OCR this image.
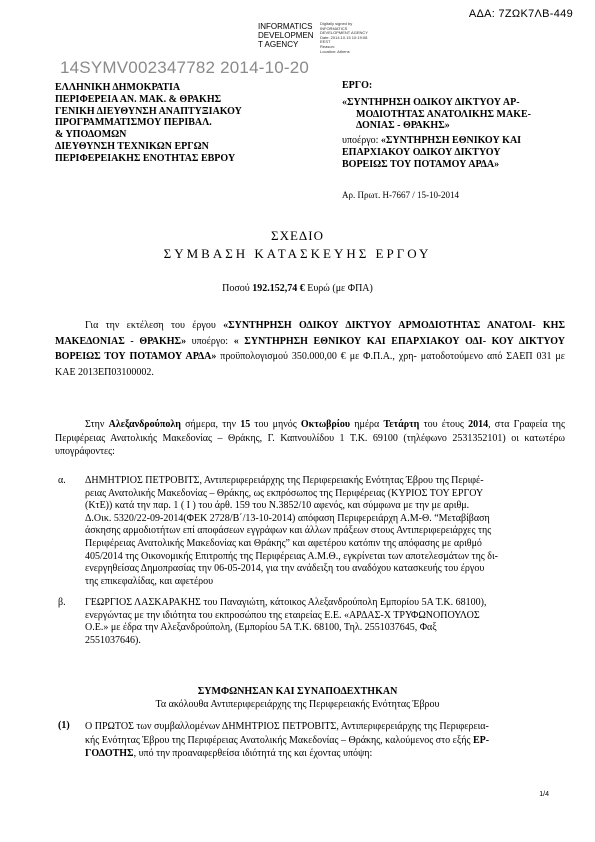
ΑΔΑ: 7ΖΩΚ7ΛΒ-449
INFORMATICS
DEVELOPMEN
T AGENCY
Digitally signed by
INFORMATICS
DEVELOPMENT AGENCY
Date: 2014.10.15 10:19:08
EEST
Reason:
Location: Athens
14SYMV002347782 2014-10-20
ΕΛΛΗΝΙΚΗ ΔΗΜΟΚΡΑΤΙΑ
ΠΕΡΙΦΕΡΕΙΑ ΑΝ. ΜΑΚ. & ΘΡΑΚΗΣ
ΓΕΝΙΚΗ ΔΙΕΥΘΥΝΣΗ ΑΝΑΠΤΥΞΙΑΚΟΥ
ΠΡΟΓΡΑΜΜΑΤΙΣΜΟΥ ΠΕΡΙΒΑΛ.
& ΥΠΟΔΟΜΩΝ
ΔΙΕΥΘΥΝΣΗ ΤΕΧΝΙΚΩΝ ΕΡΓΩΝ
ΠΕΡΙΦΕΡΕΙΑΚΗΣ ΕΝΟΤΗΤΑΣ ΕΒΡΟΥ
ΕΡΓΟ:
«ΣΥΝΤΗΡΗΣΗ ΟΔΙΚΟΥ ΔΙΚΤΥΟΥ ΑΡ-
ΜΟΔΙΟΤΗΤΑΣ ΑΝΑΤΟΛΙΚΗΣ ΜΑΚΕ-
ΔΟΝΙΑΣ - ΘΡΑΚΗΣ»
υποέργο: «ΣΥΝΤΗΡΗΣΗ ΕΘΝΙΚΟΥ ΚΑΙ
ΕΠΑΡΧΙΑΚΟΥ ΟΔΙΚΟΥ ΔΙΚΤΥΟΥ
ΒΟΡΕΙΩΣ ΤΟΥ ΠΟΤΑΜΟΥ ΑΡΔΑ»
Αρ. Πρωτ. Η-7667 / 15-10-2014
ΣΧΕΔΙΟ
ΣΥΜΒΑΣΗ ΚΑΤΑΣΚΕΥΗΣ ΕΡΓΟΥ
Ποσού 192.152,74 € Ευρώ (με ΦΠΑ)
Για την εκτέλεση του έργου «ΣΥΝΤΗΡΗΣΗ ΟΔΙΚΟΥ ΔΙΚΤΥΟΥ ΑΡΜΟΔΙΟΤΗΤΑΣ ΑΝΑΤΟΛΙ- ΚΗΣ ΜΑΚΕΔΟΝΙΑΣ - ΘΡΑΚΗΣ» υποέργο: « ΣΥΝΤΗΡΗΣΗ ΕΘΝΙΚΟΥ ΚΑΙ ΕΠΑΡΧΙΑΚΟΥ ΟΔΙ- ΚΟΥ ΔΙΚΤΥΟΥ ΒΟΡΕΙΩΣ ΤΟΥ ΠΟΤΑΜΟΥ ΑΡΔΑ» προϋπολογισμού 350.000,00 € με Φ.Π.Α., χρη- ματοδοτούμενο από ΣΑΕΠ 031 με ΚΑΕ 2013ΕΠ03100002.
Στην Αλεξανδρούπολη σήμερα, την 15 του μηνός Οκτωβρίου ημέρα Τετάρτη του έτους 2014, στα Γραφεία της Περιφέρειας Ανατολικής Μακεδονίας – Θράκης, Γ. Καπνουλίδου 1 Τ.Κ. 69100 (τηλέφωνο 2531352101) οι κατωτέρω υπογράφοντες:
α. ΔΗΜΗΤΡΙΟΣ ΠΕΤΡΟΒΙΤΣ, Αντιπεριφερειάρχης της Περιφερειακής Ενότητας Έβρου της Περιφέ-
ρειας Ανατολικής Μακεδονίας – Θράκης, ως εκπρόσωπος της Περιφέρειας (ΚΥΡΙΟΣ ΤΟΥ ΕΡΓΟΥ
(ΚτΕ)) κατά την παρ. 1 ( Ι ) του άρθ. 159 του Ν.3852/10 αφενός, και σύμφωνα με την με αριθμ.
Δ.Οικ. 5320/22-09-2014(ΦΕΚ 2728/Β΄/13-10-2014) απόφαση Περιφερειάρχη Α.Μ-Θ. “Μεταβίβαση
άσκησης αρμοδιοτήτων επί αποφάσεων εγγράφων και άλλων πράξεων στους Αντιπεριφερειάρχες της
Περιφέρειας Ανατολικής Μακεδονίας και Θράκης” και αφετέρου κατόπιν της απόφασης με αριθμό
405/2014 της Οικονομικής Επιτροπής της Περιφέρειας Α.Μ.Θ., εγκρίνεται των αποτελεσμάτων της δι-
ενεργηθείσας Δημοπρασίας την 06-05-2014, για την ανάδειξη του αναδόχου κατασκευής του έργου
της επικεφαλίδας, και αφετέρου
β. ΓΕΩΡΓΙΟΣ ΛΑΣΚΑΡΑΚΗΣ του Παναγιώτη, κάτοικος Αλεξανδρούπολη Εμπορίου 5Α Τ.Κ. 68100),
ενεργώντας με την ιδιότητα του εκπροσώπου της εταιρείας Ε.Ε. «ΑΡΔΑΣ-Χ ΤΡΥΦΩΝΟΠΟΥΛΟΣ
Ο.Ε.» με έδρα την Αλεξανδρούπολη, (Εμπορίου 5Α Τ.Κ. 68100, Τηλ. 2551037645, Φαξ
2551037646).
ΣΥΜΦΩΝΗΣΑΝ ΚΑΙ ΣΥΝΑΠΟΔΕΧΤΗΚΑΝ
Τα ακόλουθα Αντιπεριφερειάρχης της Περιφερειακής Ενότητας Έβρου
(1) Ο ΠΡΩΤΟΣ των συμβαλλομένων ΔΗΜΗΤΡΙΟΣ ΠΕΤΡΟΒΙΤΣ, Αντιπεριφερειάρχης της Περιφερεια-
κής Ενότητας Έβρου της Περιφέρειας Ανατολικής Μακεδονίας – Θράκης, καλούμενος στο εξής ΕΡ-
ΓΟΔΟΤΗΣ, υπό την προαναφερθείσα ιδιότητά της και έχοντας υπόψη:
1/4
